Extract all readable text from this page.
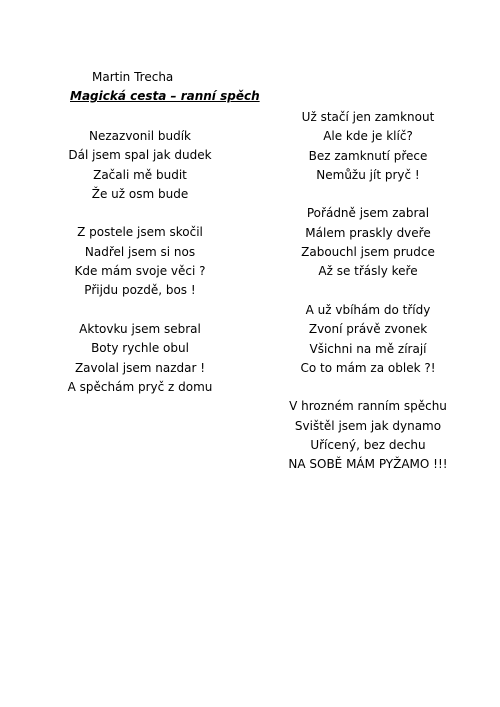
Martin Trecha
Magická cesta – ranní spěch
Nezazvonil budík
Dál jsem spal jak dudek
Začali mě budit
Že už osm bude
Z postele jsem skočil
Nadřel jsem si nos
Kde mám svoje věci ?
Přijdu pozdě, bos !
Aktovku jsem sebral
Boty rychle obul
Zavolal jsem nazdar !
A spěchám pryč z domu
Už stačí jen zamknout
Ale kde je klíč?
Bez zamknutí přece
Nemůžu jít pryč !
Pořádně jsem zabral
Málem praskly dveře
Zabouchl jsem prudce
Až se třásly keře
A už vbíhám do třídy
Zvoní právě zvonek
Všichni na mě zírají
Co to mám za oblek ?!
V hrozném ranním spěchu
Svištěl jsem jak dynamo
Uřícený, bez dechu
NA SOBĚ MÁM PYŽAMO !!!
